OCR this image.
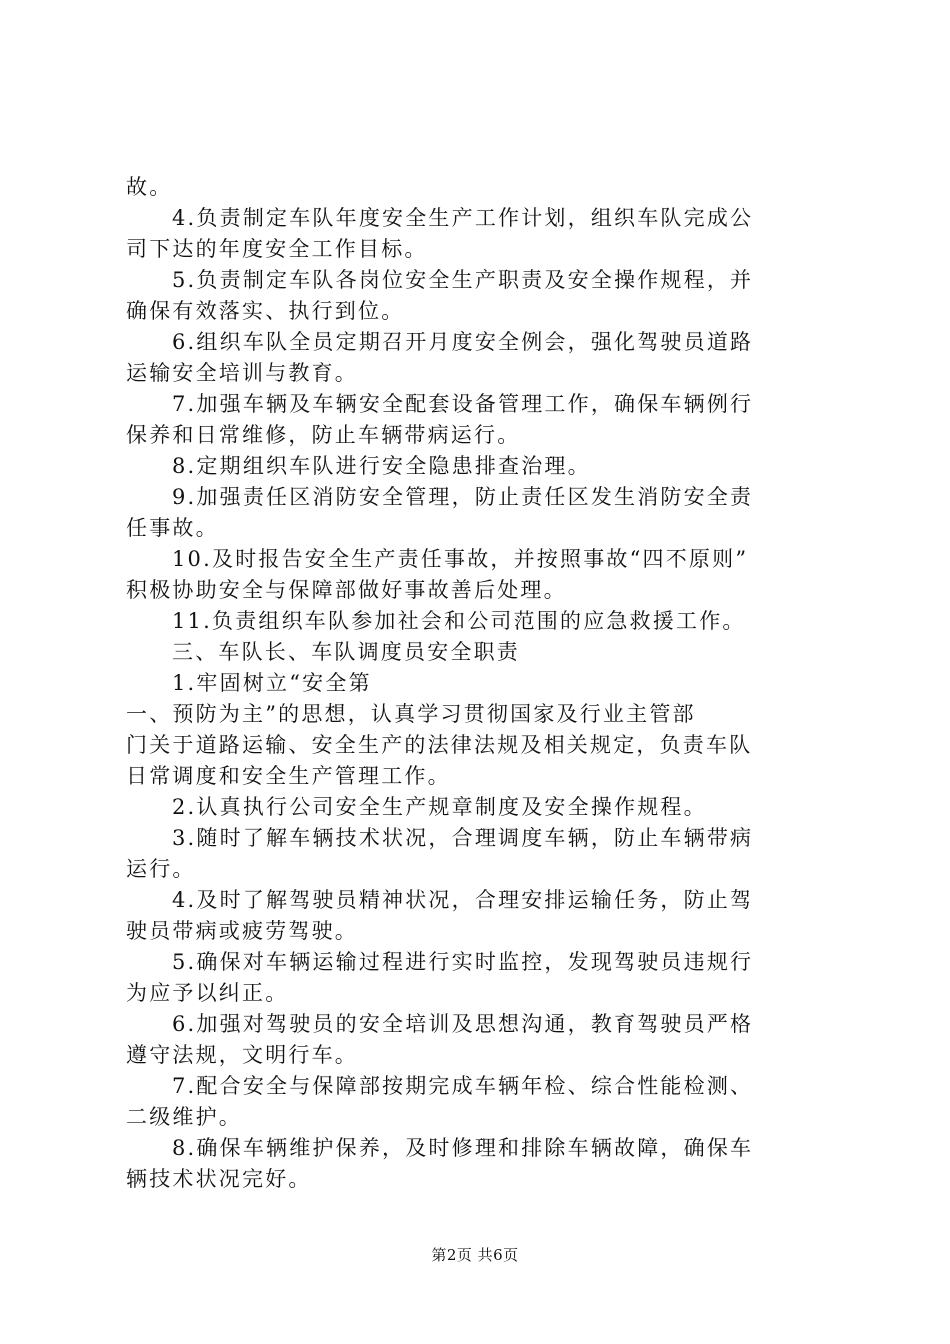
故。
4.负责制定车队年度安全生产工作计划，组织车队完成公
司下达的年度安全工作目标。
5.负责制定车队各岗位安全生产职责及安全操作规程，并
确保有效落实、执行到位。
6.组织车队全员定期召开月度安全例会，强化驾驶员道路
运输安全培训与教育。
7.加强车辆及车辆安全配套设备管理工作，确保车辆例行
保养和日常维修，防止车辆带病运行。
8.定期组织车队进行安全隐患排查治理。
9.加强责任区消防安全管理，防止责任区发生消防安全责
任事故。
10.及时报告安全生产责任事故，并按照事故“四不原则”
积极协助安全与保障部做好事故善后处理。
11.负责组织车队参加社会和公司范围的应急救援工作。
三、车队长、车队调度员安全职责
1.牢固树立“安全第
一、预防为主”的思想，认真学习贯彻国家及行业主管部
门关于道路运输、安全生产的法律法规及相关规定，负责车队
日常调度和安全生产管理工作。
2.认真执行公司安全生产规章制度及安全操作规程。
3.随时了解车辆技术状况，合理调度车辆，防止车辆带病
运行。
4.及时了解驾驶员精神状况，合理安排运输任务，防止驾
驶员带病或疲劳驾驶。
5.确保对车辆运输过程进行实时监控，发现驾驶员违规行
为应予以纠正。
6.加强对驾驶员的安全培训及思想沟通，教育驾驶员严格
遵守法规，文明行车。
7.配合安全与保障部按期完成车辆年检、综合性能检测、
二级维护。
8.确保车辆维护保养，及时修理和排除车辆故障，确保车
辆技术状况完好。
第2页 共6页
